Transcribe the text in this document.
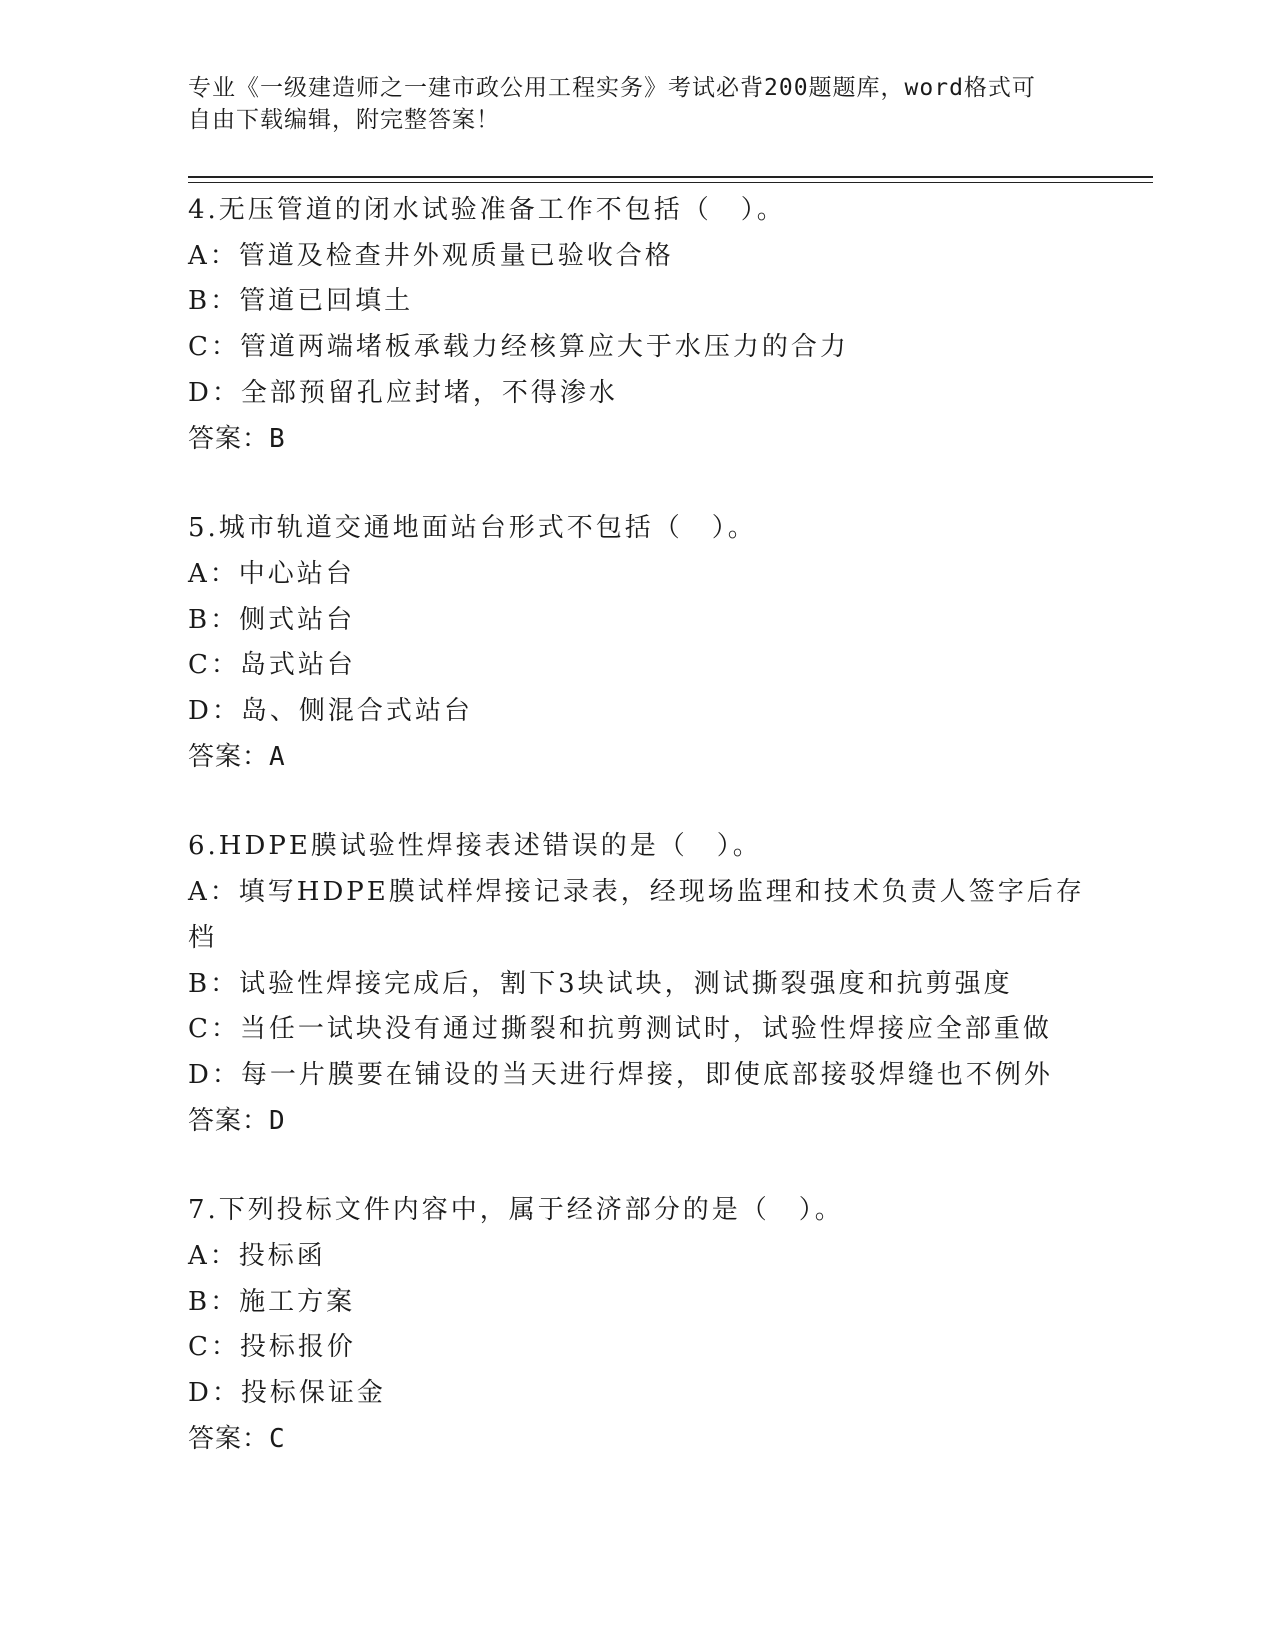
专业《一级建造师之一建市政公用工程实务》考试必背200题题库，word格式可
自由下载编辑，附完整答案！
4.无压管道的闭水试验准备工作不包括（　）。
A：管道及检查井外观质量已验收合格
B：管道已回填土
C：管道两端堵板承载力经核算应大于水压力的合力
D：全部预留孔应封堵，不得渗水
答案：B
5.城市轨道交通地面站台形式不包括（　）。
A：中心站台
B：侧式站台
C：岛式站台
D：岛、侧混合式站台
答案：A
6.HDPE膜试验性焊接表述错误的是（　）。
A：填写HDPE膜试样焊接记录表，经现场监理和技术负责人签字后存档
B：试验性焊接完成后，割下3块试块，测试撕裂强度和抗剪强度
C：当任一试块没有通过撕裂和抗剪测试时，试验性焊接应全部重做
D：每一片膜要在铺设的当天进行焊接，即使底部接驳焊缝也不例外
答案：D
7.下列投标文件内容中，属于经济部分的是（　）。
A：投标函
B：施工方案
C：投标报价
D：投标保证金
答案：C
